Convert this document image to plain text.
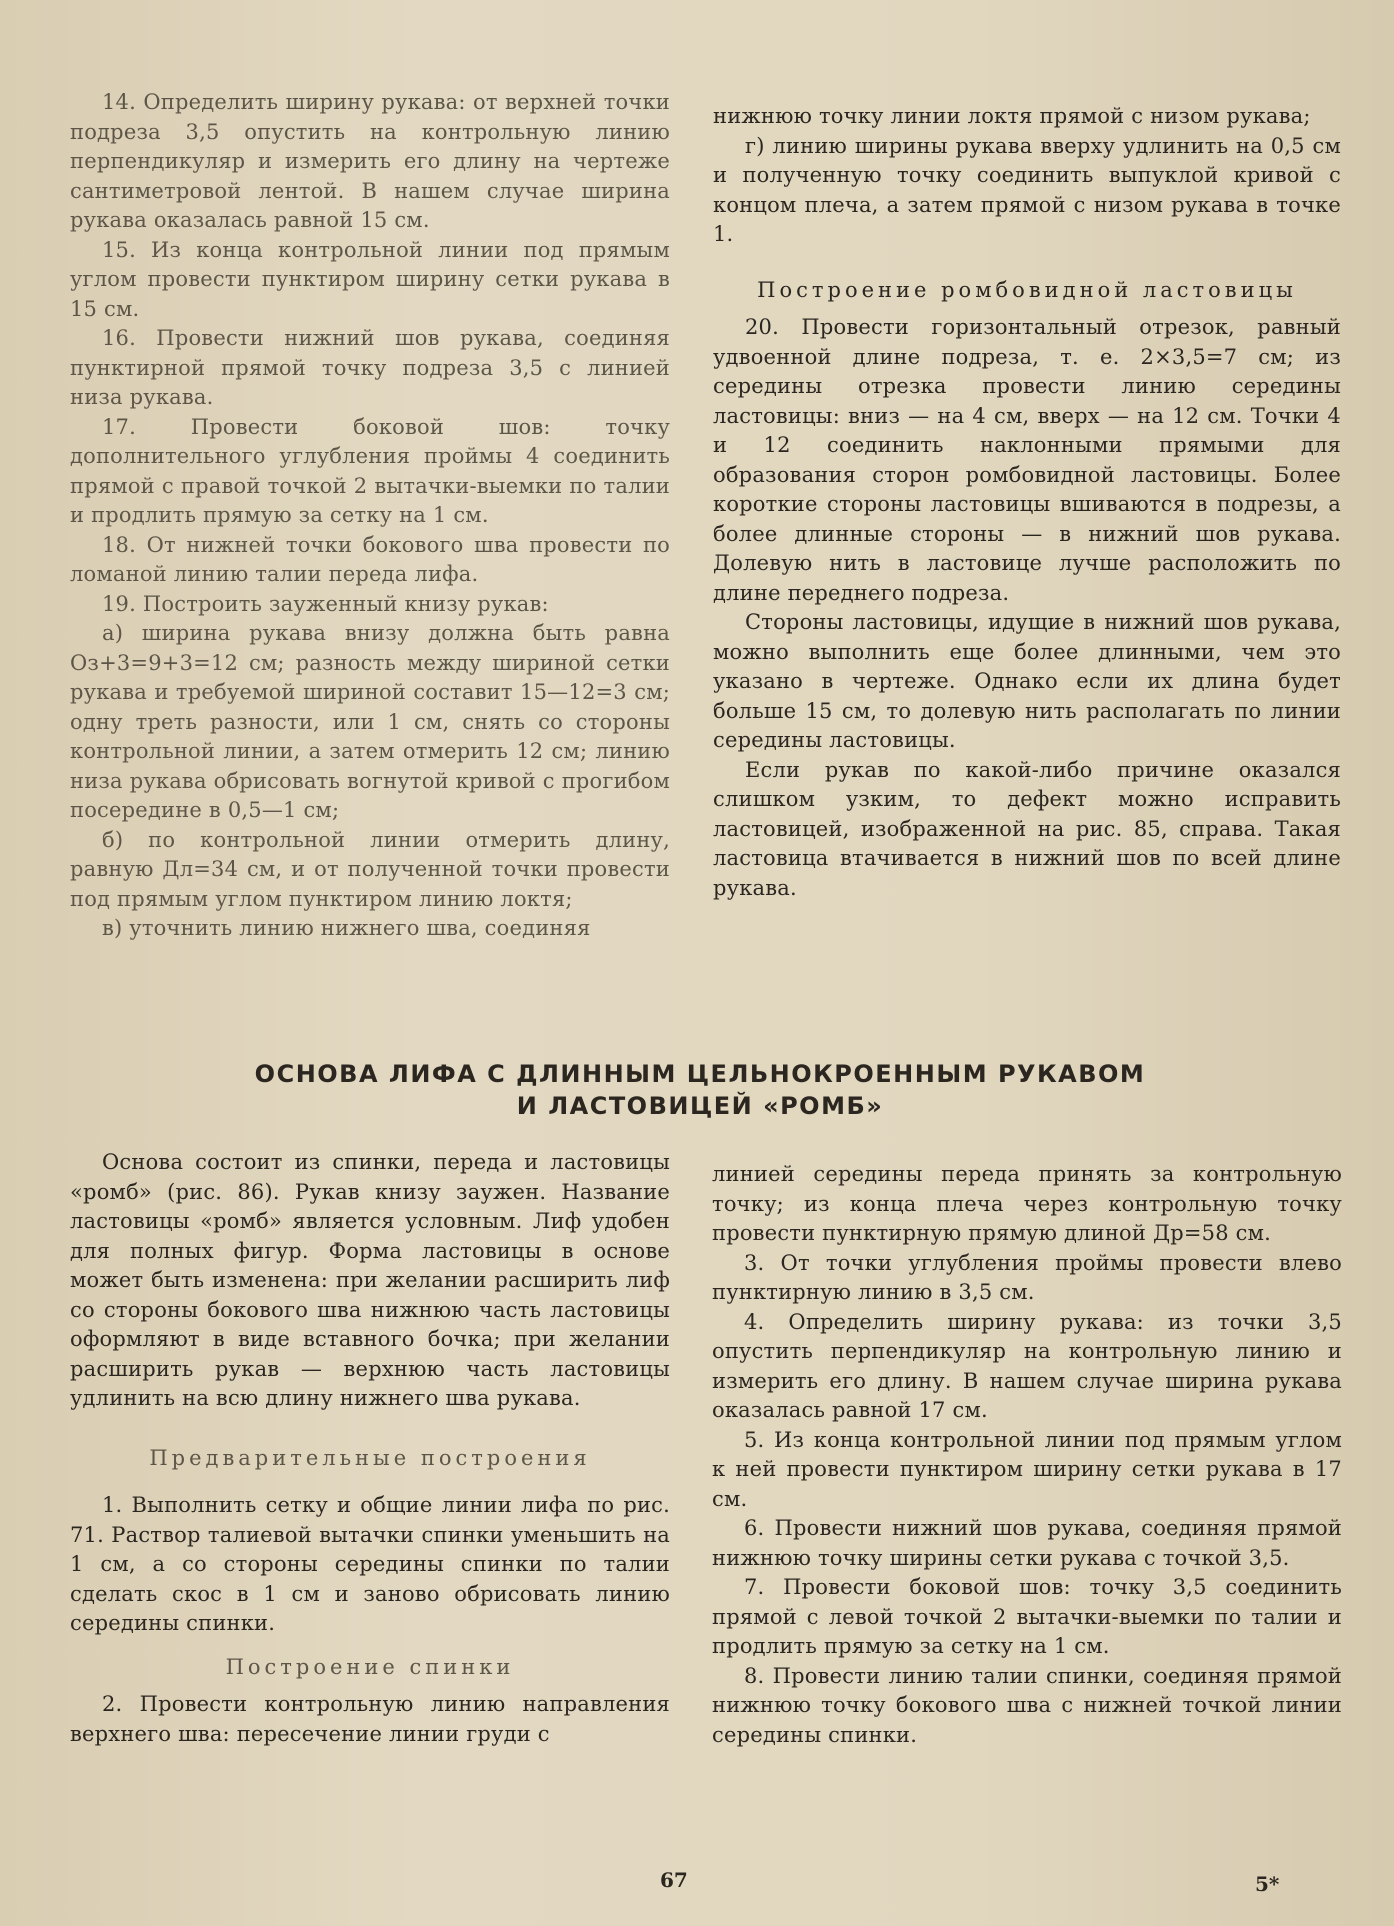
14. Определить ширину рукава: от верхней точки подреза 3,5 опустить на контрольную линию перпендикуляр и измерить его длину на чертеже сантиметровой лентой. В нашем случае ширина рукава оказалась равной 15 см.

15. Из конца контрольной линии под прямым углом провести пунктиром ширину сетки рукава в 15 см.

16. Провести нижний шов рукава, соединяя пунктирной прямой точку подреза 3,5 с линией низа рукава.

17. Провести боковой шов: точку дополнительного углубления проймы 4 соединить прямой с правой точкой 2 вытачки-выемки по талии и продлить прямую за сетку на 1 см.

18. От нижней точки бокового шва провести по ломаной линию талии переда лифа.

19. Построить зауженный книзу рукав:

а) ширина рукава внизу должна быть равна Оз+3=9+3=12 см; разность между шириной сетки рукава и требуемой шириной составит 15—12=3 см; одну треть разности, или 1 см, снять со стороны контрольной линии, а затем отмерить 12 см; линию низа рукава обрисовать вогнутой кривой с прогибом посередине в 0,5—1 см;

б) по контрольной линии отмерить длину, равную Дл=34 см, и от полученной точки провести под прямым углом пунктиром линию локтя;

в) уточнить линию нижнего шва, соединяя

нижнюю точку линии локтя прямой с низом рукава;

г) линию ширины рукава вверху удлинить на 0,5 см и полученную точку соединить выпуклой кривой с концом плеча, а затем прямой с низом рукава в точке 1.

Построение ромбовидной ластовицы

20. Провести горизонтальный отрезок, равный удвоенной длине подреза, т. е. 2×3,5=7 см; из середины отрезка провести линию середины ластовицы: вниз — на 4 см, вверх — на 12 см. Точки 4 и 12 соединить наклонными прямыми для образования сторон ромбовидной ластовицы. Более короткие стороны ластовицы вшиваются в подрезы, а более длинные стороны — в нижний шов рукава. Долевую нить в ластовице лучше расположить по длине переднего подреза.

Стороны ластовицы, идущие в нижний шов рукава, можно выполнить еще более длинными, чем это указано в чертеже. Однако если их длина будет больше 15 см, то долевую нить располагать по линии середины ластовицы.

Если рукав по какой-либо причине оказался слишком узким, то дефект можно исправить ластовицей, изображенной на рис. 85, справа. Такая ластовица втачивается в нижний шов по всей длине рукава.

ОСНОВА ЛИФА С ДЛИННЫМ ЦЕЛЬНОКРОЕННЫМ РУКАВОМ
И ЛАСТОВИЦЕЙ «РОМБ»

Основа состоит из спинки, переда и ластовицы «ромб» (рис. 86). Рукав книзу заужен. Название ластовицы «ромб» является условным. Лиф удобен для полных фигур. Форма ластовицы в основе может быть изменена: при желании расширить лиф со стороны бокового шва нижнюю часть ластовицы оформляют в виде вставного бочка; при желании расширить рукав — верхнюю часть ластовицы удлинить на всю длину нижнего шва рукава.

Предварительные построения

1. Выполнить сетку и общие линии лифа по рис. 71. Раствор талиевой вытачки спинки уменьшить на 1 см, а со стороны середины спинки по талии сделать скос в 1 см и заново обрисовать линию середины спинки.

Построение спинки

2. Провести контрольную линию направления верхнего шва: пересечение линии груди с

линией середины переда принять за контрольную точку; из конца плеча через контрольную точку провести пунктирную прямую длиной Др=58 см.

3. От точки углубления проймы провести влево пунктирную линию в 3,5 см.

4. Определить ширину рукава: из точки 3,5 опустить перпендикуляр на контрольную линию и измерить его длину. В нашем случае ширина рукава оказалась равной 17 см.

5. Из конца контрольной линии под прямым углом к ней провести пунктиром ширину сетки рукава в 17 см.

6. Провести нижний шов рукава, соединяя прямой нижнюю точку ширины сетки рукава с точкой 3,5.

7. Провести боковой шов: точку 3,5 соединить прямой с левой точкой 2 вытачки-выемки по талии и продлить прямую за сетку на 1 см.

8. Провести линию талии спинки, соединяя прямой нижнюю точку бокового шва с нижней точкой линии середины спинки.

67	5*
